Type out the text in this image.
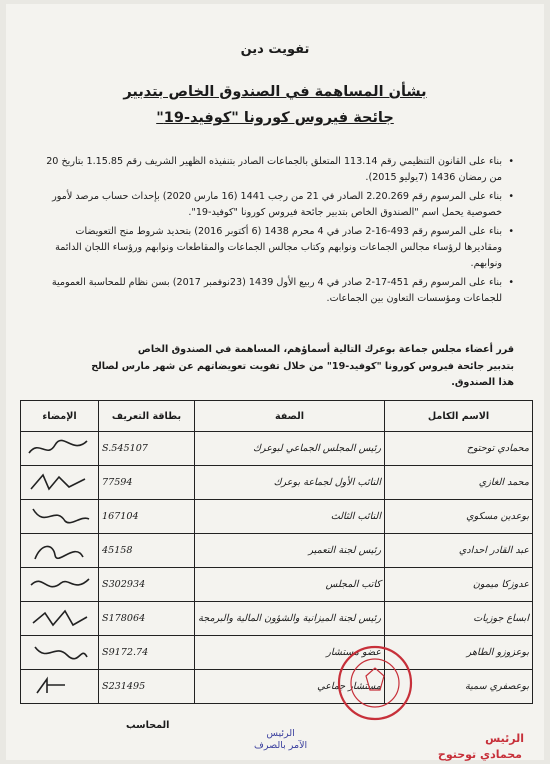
تفويت دين
بشأن المساهمة في الصندوق الخاص بتدبير
جائحة فيروس كورونا "كوفيد-19"

• بناء على القانون التنظيمي رقم 113.14 المتعلق بالجماعات الصادر بتنفيذه الظهير الشريف رقم 1.15.85 بتاريخ 20 من رمضان 1436 (7يوليو 2015).

• بناء على المرسوم رقم 2.20.269 الصادر في 21 من رجب 1441 (16 مارس 2020) بإحداث حساب مرصد لأمور خصوصية يحمل اسم "الصندوق الخاص بتدبير جائحة فيروس كورونا "كوفيد-19".

• بناء على المرسوم رقم 493-16-2 صادر في 4 محرم 1438 (6 أكتوبر 2016) بتحديد شروط منح التعويضات ومقاديرها لرؤساء مجالس الجماعات ونوابهم وكتاب مجالس الجماعات والمقاطعات ونوابهم ورؤساء اللجان الدائمة ونوابهم.

• بناء على المرسوم رقم 451-17-2 صادر في 4 ربيع الأول 1439 (23نوفمبر 2017) بسن نظام للمحاسبة العمومية للجماعات ومؤسسات التعاون بين الجماعات.

قرر أعضاء مجلس جماعة بوعرك التالية أسماؤهم، المساهمة في الصندوق الخاص
بتدبير جائحة فيروس كورونا "كوفيد-19" من خلال تفويت تعويضاتهم عن شهر مارس لصالح
هذا الصندوق.
الاسم الكامل	الصفة	بطاقة التعريف	الإمضاء
محمادي توحتوح	رئيس المجلس الجماعي لبوعرك	S.545107	

محمد الغازي	النائب الأول لجماعة بوعرك	77594	

بوعدين مسكوي	النائب الثالث	167104	

عبد القادر احدادي	رئيس لجنة التعمير	45158	

عدوزكا ميمون	كاتب المجلس	S302934	

ابساع جوزيات	رئيس لجنة الميزانية والشؤون المالية والبرمجة	S178064	

بوعزوزو الطاهر	عضو مستشار	S9172.74	

بوعصفري سمية	مستشار جماعي	S231495	
المحاسب
الرئيس
الآمر بالصرف
الرئيس
محمادي توحتوح
